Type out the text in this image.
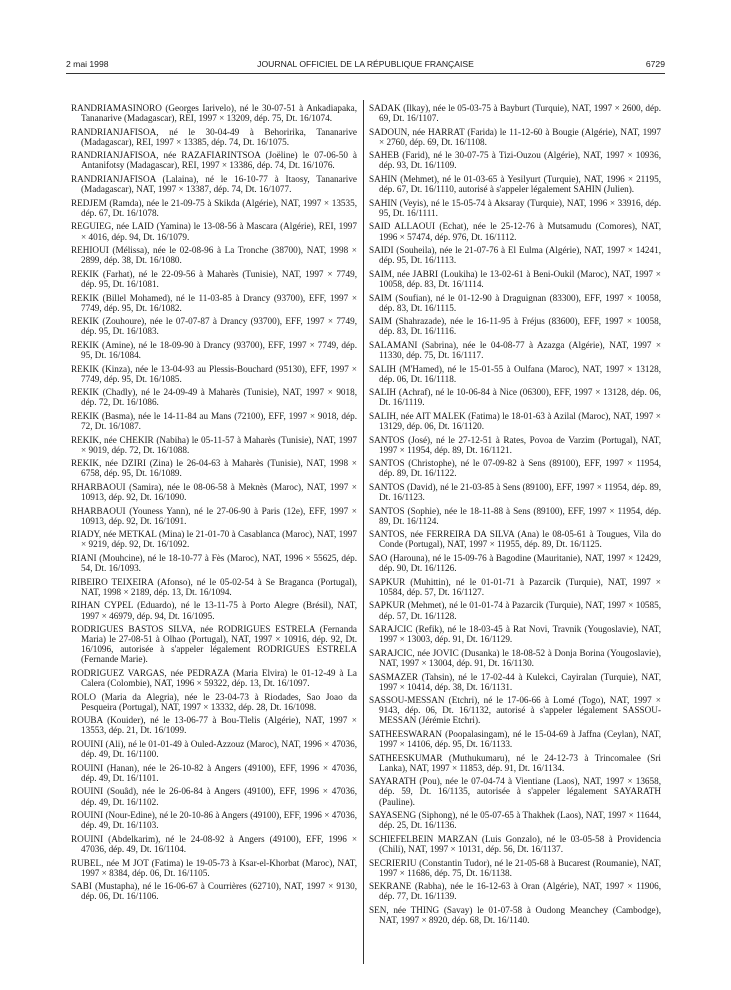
2 mai 1998	JOURNAL OFFICIEL DE LA RÉPUBLIQUE FRANÇAISE	6729

RANDRIAMASINORO (Georges Iarivelo), né le 30-07-51 à Ankadiapaka, Tananarive (Madagascar), REI, 1997 × 13209, dép. 75, Dt. 16/1074.

RANDRIANJAFISOA, né le 30-04-49 à Behoririka, Tananarive (Madagascar), REI, 1997 × 13385, dép. 74, Dt. 16/1075.

RANDRIANJAFISOA, née RAZAFIARINTSOA (Joëline) le 07-06-50 à Antanifotsy (Madagascar), REI, 1997 × 13386, dép. 74, Dt. 16/1076.

RANDRIANJAFISOA (Lalaina), né le 16-10-77 à Itaosy, Tananarive (Madagascar), NAT, 1997 × 13387, dép. 74, Dt. 16/1077.

REDJEM (Ramda), née le 21-09-75 à Skikda (Algérie), NAT, 1997 × 13535, dép. 67, Dt. 16/1078.

REGUIEG, née LAID (Yamina) le 13-08-56 à Mascara (Algérie), REI, 1997 × 4016, dép. 94, Dt. 16/1079.

REHIOUI (Mélissa), née le 02-08-96 à La Tronche (38700), NAT, 1998 × 2899, dép. 38, Dt. 16/1080.

REKIK (Farhat), né le 22-09-56 à Maharès (Tunisie), NAT, 1997 × 7749, dép. 95, Dt. 16/1081.

REKIK (Billel Mohamed), né le 11-03-85 à Drancy (93700), EFF, 1997 × 7749, dép. 95, Dt. 16/1082.

REKIK (Zouhoure), née le 07-07-87 à Drancy (93700), EFF, 1997 × 7749, dép. 95, Dt. 16/1083.

REKIK (Amine), né le 18-09-90 à Drancy (93700), EFF, 1997 × 7749, dép. 95, Dt. 16/1084.

REKIK (Kinza), née le 13-04-93 au Plessis-Bouchard (95130), EFF, 1997 × 7749, dép. 95, Dt. 16/1085.

REKIK (Chadly), né le 24-09-49 à Maharès (Tunisie), NAT, 1997 × 9018, dép. 72, Dt. 16/1086.

REKIK (Basma), née le 14-11-84 au Mans (72100), EFF, 1997 × 9018, dép. 72, Dt. 16/1087.

REKIK, née CHEKIR (Nabiha) le 05-11-57 à Maharès (Tunisie), NAT, 1997 × 9019, dép. 72, Dt. 16/1088.

REKIK, née DZIRI (Zina) le 26-04-63 à Maharès (Tunisie), NAT, 1998 × 6758, dép. 95, Dt. 16/1089.

RHARBAOUI (Samira), née le 08-06-58 à Meknès (Maroc), NAT, 1997 × 10913, dép. 92, Dt. 16/1090.

RHARBAOUI (Youness Yann), né le 27-06-90 à Paris (12e), EFF, 1997 × 10913, dép. 92, Dt. 16/1091.

RIADY, née METKAL (Mina) le 21-01-70 à Casablanca (Maroc), NAT, 1997 × 9219, dép. 92, Dt. 16/1092.

RIANI (Mouhcine), né le 18-10-77 à Fès (Maroc), NAT, 1996 × 55625, dép. 54, Dt. 16/1093.

RIBEIRO TEIXEIRA (Afonso), né le 05-02-54 à Se Braganca (Portugal), NAT, 1998 × 2189, dép. 13, Dt. 16/1094.

RIHAN CYPEL (Eduardo), né le 13-11-75 à Porto Alegre (Brésil), NAT, 1997 × 46979, dép. 94, Dt. 16/1095.

RODRIGUES BASTOS SILVA, née RODRIGUES ESTRELA (Fernanda Maria) le 27-08-51 à Olhao (Portugal), NAT, 1997 × 10916, dép. 92, Dt. 16/1096, autorisée à s'appeler légalement RODRIGUES ESTRELA (Fernande Marie).

RODRIGUEZ VARGAS, née PEDRAZA (Maria Elvira) le 01-12-49 à La Calera (Colombie), NAT, 1996 × 59322, dép. 13, Dt. 16/1097.

ROLO (Maria da Alegria), née le 23-04-73 à Riodades, Sao Joao da Pesqueira (Portugal), NAT, 1997 × 13332, dép. 28, Dt. 16/1098.

ROUBA (Kouider), né le 13-06-77 à Bou-Tlelis (Algérie), NAT, 1997 × 13553, dép. 21, Dt. 16/1099.

ROUINI (Ali), né le 01-01-49 à Ouled-Azzouz (Maroc), NAT, 1996 × 47036, dép. 49, Dt. 16/1100.

ROUINI (Hanan), née le 26-10-82 à Angers (49100), EFF, 1996 × 47036, dép. 49, Dt. 16/1101.

ROUINI (Souâd), née le 26-06-84 à Angers (49100), EFF, 1996 × 47036, dép. 49, Dt. 16/1102.

ROUINI (Nour-Edine), né le 20-10-86 à Angers (49100), EFF, 1996 × 47036, dép. 49, Dt. 16/1103.

ROUINI (Abdelkarim), né le 24-08-92 à Angers (49100), EFF, 1996 × 47036, dép. 49, Dt. 16/1104.

RUBEL, née M JOT (Fatima) le 19-05-73 à Ksar-el-Khorbat (Maroc), NAT, 1997 × 8384, dép. 06, Dt. 16/1105.

SABI (Mustapha), né le 16-06-67 à Courrières (62710), NAT, 1997 × 9130, dép. 06, Dt. 16/1106.

SADAK (Ilkay), née le 05-03-75 à Bayburt (Turquie), NAT, 1997 × 2600, dép. 69, Dt. 16/1107.

SADOUN, née HARRAT (Farida) le 11-12-60 à Bougie (Algérie), NAT, 1997 × 2760, dép. 69, Dt. 16/1108.

SAHEB (Farid), né le 30-07-75 à Tizi-Ouzou (Algérie), NAT, 1997 × 10936, dép. 93, Dt. 16/1109.

SAHIN (Mehmet), né le 01-03-65 à Yesilyurt (Turquie), NAT, 1996 × 21195, dép. 67, Dt. 16/1110, autorisé à s'appeler légalement SAHIN (Julien).

SAHIN (Veyis), né le 15-05-74 à Aksaray (Turquie), NAT, 1996 × 33916, dép. 95, Dt. 16/1111.

SAID ALLAOUI (Echat), née le 25-12-76 à Mutsamudu (Comores), NAT, 1996 × 57474, dép. 976, Dt. 16/1112.

SAIDI (Souheila), née le 21-07-76 à El Eulma (Algérie), NAT, 1997 × 14241, dép. 95, Dt. 16/1113.

SAIM, née JABRI (Loukiha) le 13-02-61 à Beni-Oukil (Maroc), NAT, 1997 × 10058, dép. 83, Dt. 16/1114.

SAIM (Soufian), né le 01-12-90 à Draguignan (83300), EFF, 1997 × 10058, dép. 83, Dt. 16/1115.

SAIM (Shahrazade), née le 16-11-95 à Fréjus (83600), EFF, 1997 × 10058, dép. 83, Dt. 16/1116.

SALAMANI (Sabrina), née le 04-08-77 à Azazga (Algérie), NAT, 1997 × 11330, dép. 75, Dt. 16/1117.

SALIH (M'Hamed), né le 15-01-55 à Oulfana (Maroc), NAT, 1997 × 13128, dép. 06, Dt. 16/1118.

SALIH (Achraf), né le 10-06-84 à Nice (06300), EFF, 1997 × 13128, dép. 06, Dt. 16/1119.

SALIH, née AIT MALEK (Fatima) le 18-01-63 à Azilal (Maroc), NAT, 1997 × 13129, dép. 06, Dt. 16/1120.

SANTOS (José), né le 27-12-51 à Rates, Povoa de Varzim (Portugal), NAT, 1997 × 11954, dép. 89, Dt. 16/1121.

SANTOS (Christophe), né le 07-09-82 à Sens (89100), EFF, 1997 × 11954, dép. 89, Dt. 16/1122.

SANTOS (David), né le 21-03-85 à Sens (89100), EFF, 1997 × 11954, dép. 89, Dt. 16/1123.

SANTOS (Sophie), née le 18-11-88 à Sens (89100), EFF, 1997 × 11954, dép. 89, Dt. 16/1124.

SANTOS, née FERREIRA DA SILVA (Ana) le 08-05-61 à Tougues, Vila do Conde (Portugal), NAT, 1997 × 11955, dép. 89, Dt. 16/1125.

SAO (Harouna), né le 15-09-76 à Bagodine (Mauritanie), NAT, 1997 × 12429, dép. 90, Dt. 16/1126.

SAPKUR (Muhittin), né le 01-01-71 à Pazarcik (Turquie), NAT, 1997 × 10584, dép. 57, Dt. 16/1127.

SAPKUR (Mehmet), né le 01-01-74 à Pazarcik (Turquie), NAT, 1997 × 10585, dép. 57, Dt. 16/1128.

SARAJCIC (Refik), né le 18-03-45 à Rat Novi, Travnik (Yougoslavie), NAT, 1997 × 13003, dép. 91, Dt. 16/1129.

SARAJCIC, née JOVIC (Dusanka) le 18-08-52 à Donja Borina (Yougoslavie), NAT, 1997 × 13004, dép. 91, Dt. 16/1130.

SASMAZER (Tahsin), né le 17-02-44 à Kulekci, Cayiralan (Turquie), NAT, 1997 × 10414, dép. 38, Dt. 16/1131.

SASSOU-MESSAN (Etchri), né le 17-06-66 à Lomé (Togo), NAT, 1997 × 9143, dép. 06, Dt. 16/1132, autorisé à s'appeler légalement SASSOU-MESSAN (Jérémie Etchri).

SATHEESWARAN (Poopalasingam), né le 15-04-69 à Jaffna (Ceylan), NAT, 1997 × 14106, dép. 95, Dt. 16/1133.

SATHEESKUMAR (Muthukumaru), né le 24-12-73 à Trincomalee (Sri Lanka), NAT, 1997 × 11853, dép. 91, Dt. 16/1134.

SAYARATH (Pou), née le 07-04-74 à Vientiane (Laos), NAT, 1997 × 13658, dép. 59, Dt. 16/1135, autorisée à s'appeler légalement SAYARATH (Pauline).

SAYASENG (Siphong), né le 05-07-65 à Thakhek (Laos), NAT, 1997 × 11644, dép. 25, Dt. 16/1136.

SCHIEFELBEIN MARZAN (Luis Gonzalo), né le 03-05-58 à Providencia (Chili), NAT, 1997 × 10131, dép. 56, Dt. 16/1137.

SECRIERIU (Constantin Tudor), né le 21-05-68 à Bucarest (Roumanie), NAT, 1997 × 11686, dép. 75, Dt. 16/1138.

SEKRANE (Rabha), née le 16-12-63 à Oran (Algérie), NAT, 1997 × 11906, dép. 77, Dt. 16/1139.

SEN, née THING (Savay) le 01-07-58 à Oudong Meanchey (Cambodge), NAT, 1997 × 8920, dép. 68, Dt. 16/1140.
